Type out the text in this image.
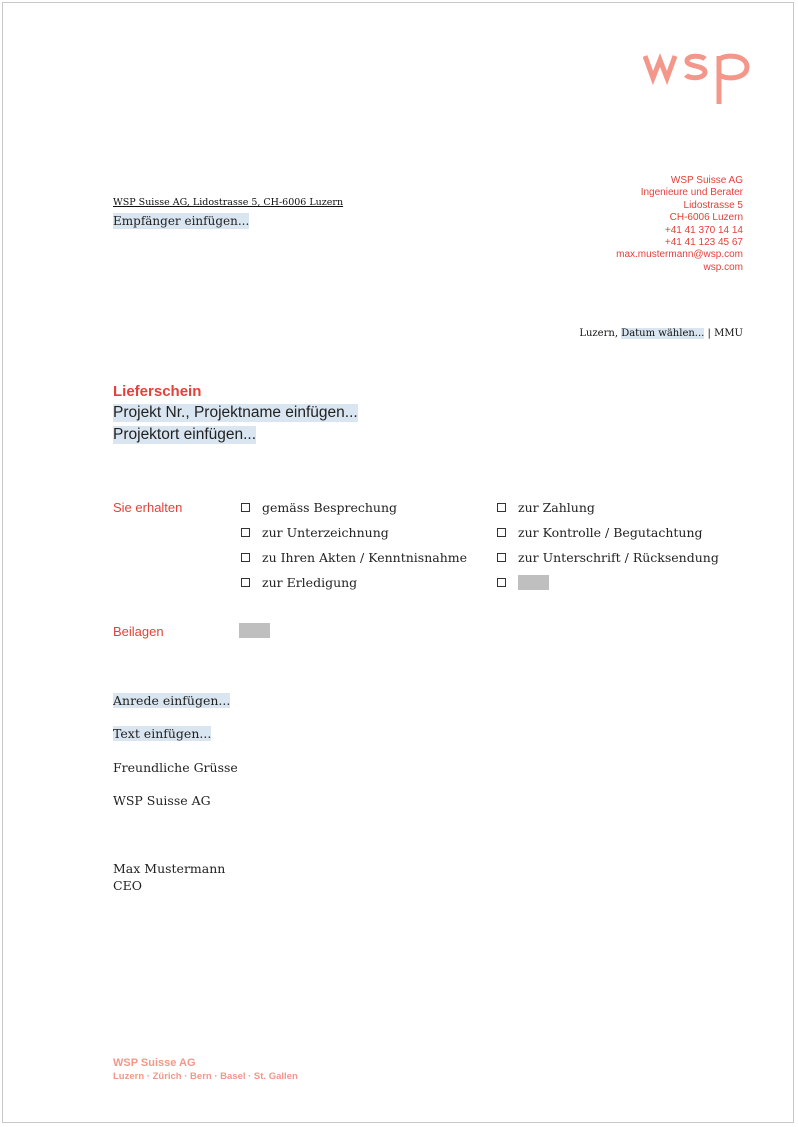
WSP Suisse AG, Lidostrasse 5, CH-6006 Luzern
Empfänger einfügen...
WSP Suisse AG
Ingenieure und Berater
Lidostrasse 5
CH-6006 Luzern
+41 41 370 14 14
+41 41 123 45 67
max.mustermann@wsp.com
wsp.com
Luzern, Datum wählen... | MMU
Lieferschein
Projekt Nr., Projektname einfügen...
Projektort einfügen...
Sie erhalten	gemäss Besprechung
zur Unterzeichnung
zu Ihren Akten / Kenntnisnahme
zur Erledigung
zur Zahlung
zur Kontrolle / Begutachtung
zur Unterschrift / Rücksendung
Beilagen
Anrede einfügen...
Text einfügen...
Freundliche Grüsse
WSP Suisse AG
Max Mustermann
CEO
WSP Suisse AG
Luzern · Zürich · Bern · Basel · St. Gallen
